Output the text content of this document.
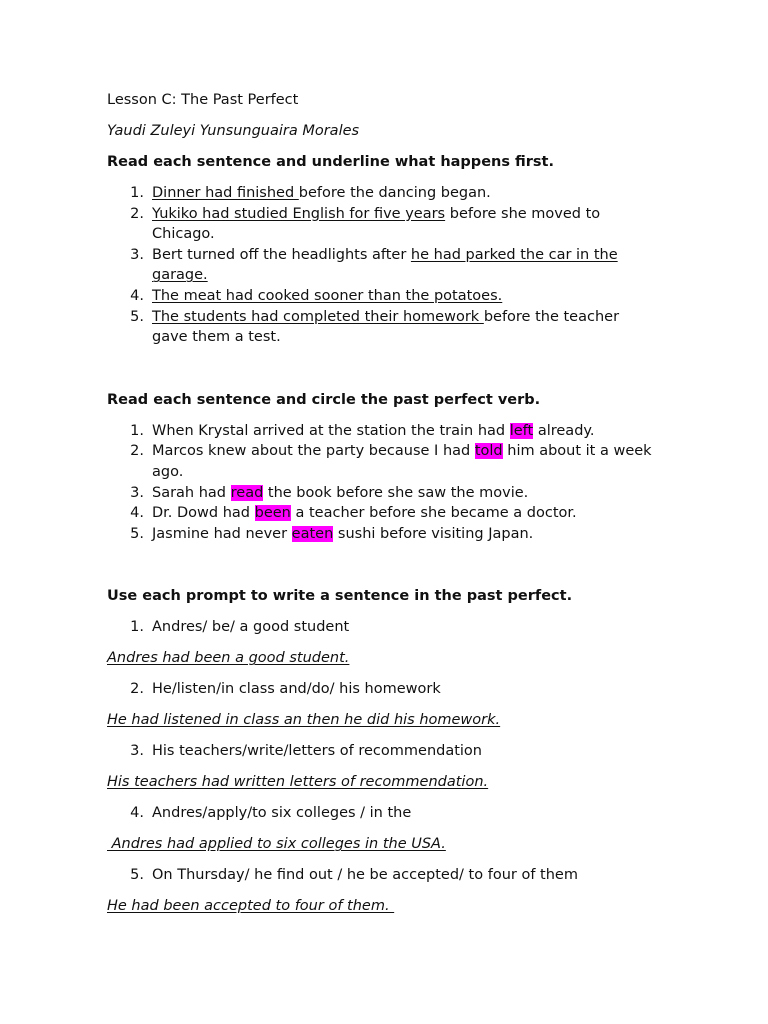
Lesson C: The Past Perfect

Yaudi Zuleyi Yunsunguaira Morales

Read each sentence and underline what happens first.

1. Dinner had finished before the dancing began.
2. Yukiko had studied English for five years before she moved to Chicago.
3. Bert turned off the headlights after he had parked the car in the garage.
4. The meat had cooked sooner than the potatoes.
5. The students had completed their homework before the teacher gave them a test.

Read each sentence and circle the past perfect verb.

1. When Krystal arrived at the station the train had left already.
2. Marcos knew about the party because I had told him about it a week ago.
3. Sarah had read the book before she saw the movie.
4. Dr. Dowd had been a teacher before she became a doctor.
5. Jasmine had never eaten sushi before visiting Japan.

Use each prompt to write a sentence in the past perfect.

1. Andres/ be/ a good student

Andres had been a good student.

2. He/listen/in class and/do/ his homework

He had listened in class an then he did his homework.

3. His teachers/write/letters of recommendation

His teachers had written letters of recommendation.

4. Andres/apply/to six colleges / in the

Andres had applied to six colleges in the USA.

5. On Thursday/ he find out / he be accepted/ to four of them

He had been accepted to four of them.
